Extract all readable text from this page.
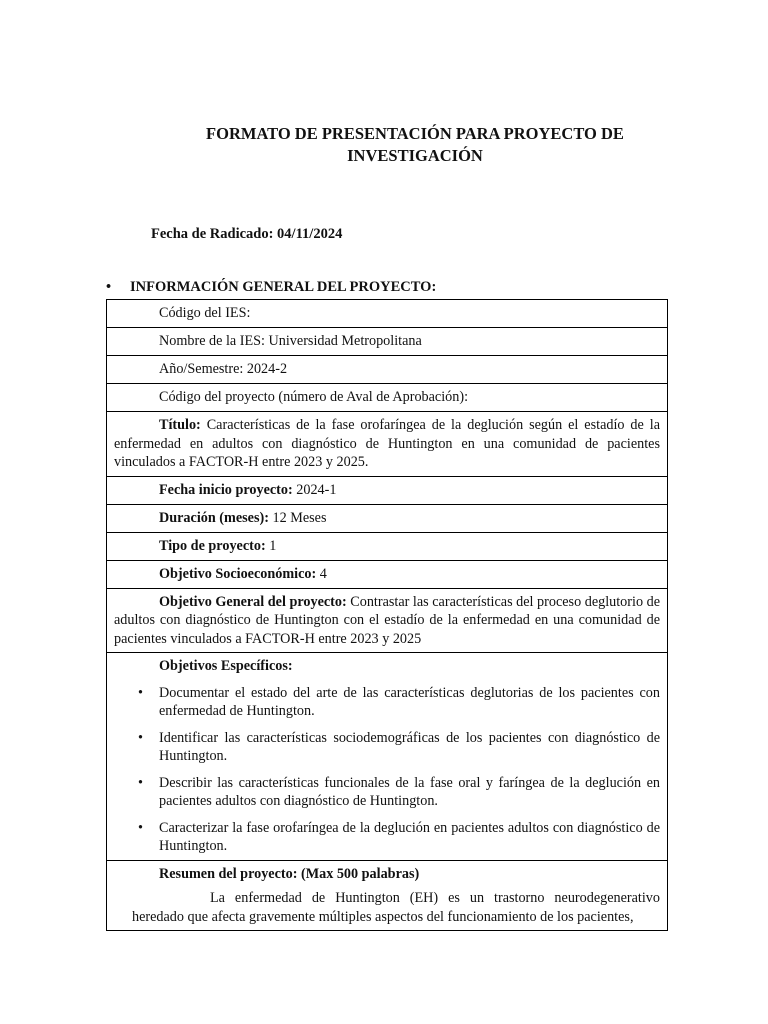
FORMATO DE PRESENTACIÓN PARA PROYECTO DE
INVESTIGACIÓN
Fecha de Radicado: 04/11/2024
• INFORMACIÓN GENERAL DEL PROYECTO:
Código del IES:
Nombre de la IES: Universidad Metropolitana
Año/Semestre: 2024-2
Código del proyecto (número de Aval de Aprobación):
Título: Características de la fase orofaríngea de la deglución según el estadío de la enfermedad en adultos con diagnóstico de Huntington en una comunidad de pacientes vinculados a FACTOR-H entre 2023 y 2025.
Fecha inicio proyecto: 2024-1
Duración (meses): 12 Meses
Tipo de proyecto: 1
Objetivo Socioeconómico: 4
Objetivo General del proyecto: Contrastar las características del proceso deglutorio de adultos con diagnóstico de Huntington con el estadío de la enfermedad en una comunidad de pacientes vinculados a FACTOR-H entre 2023 y 2025

Objetivos Específicos:
• Documentar el estado del arte de las características deglutorias de los pacientes con enfermedad de Huntington.
• Identificar las características sociodemográficas de los pacientes con diagnóstico de Huntington.
• Describir las características funcionales de la fase oral y faríngea de la deglución en pacientes adultos con diagnóstico de Huntington.
• Caracterizar la fase orofaríngea de la deglución en pacientes adultos con diagnóstico de Huntington.

Resumen del proyecto: (Max 500 palabras)
La enfermedad de Huntington (EH) es un trastorno neurodegenerativo heredado que afecta gravemente múltiples aspectos del funcionamiento de los pacientes,
